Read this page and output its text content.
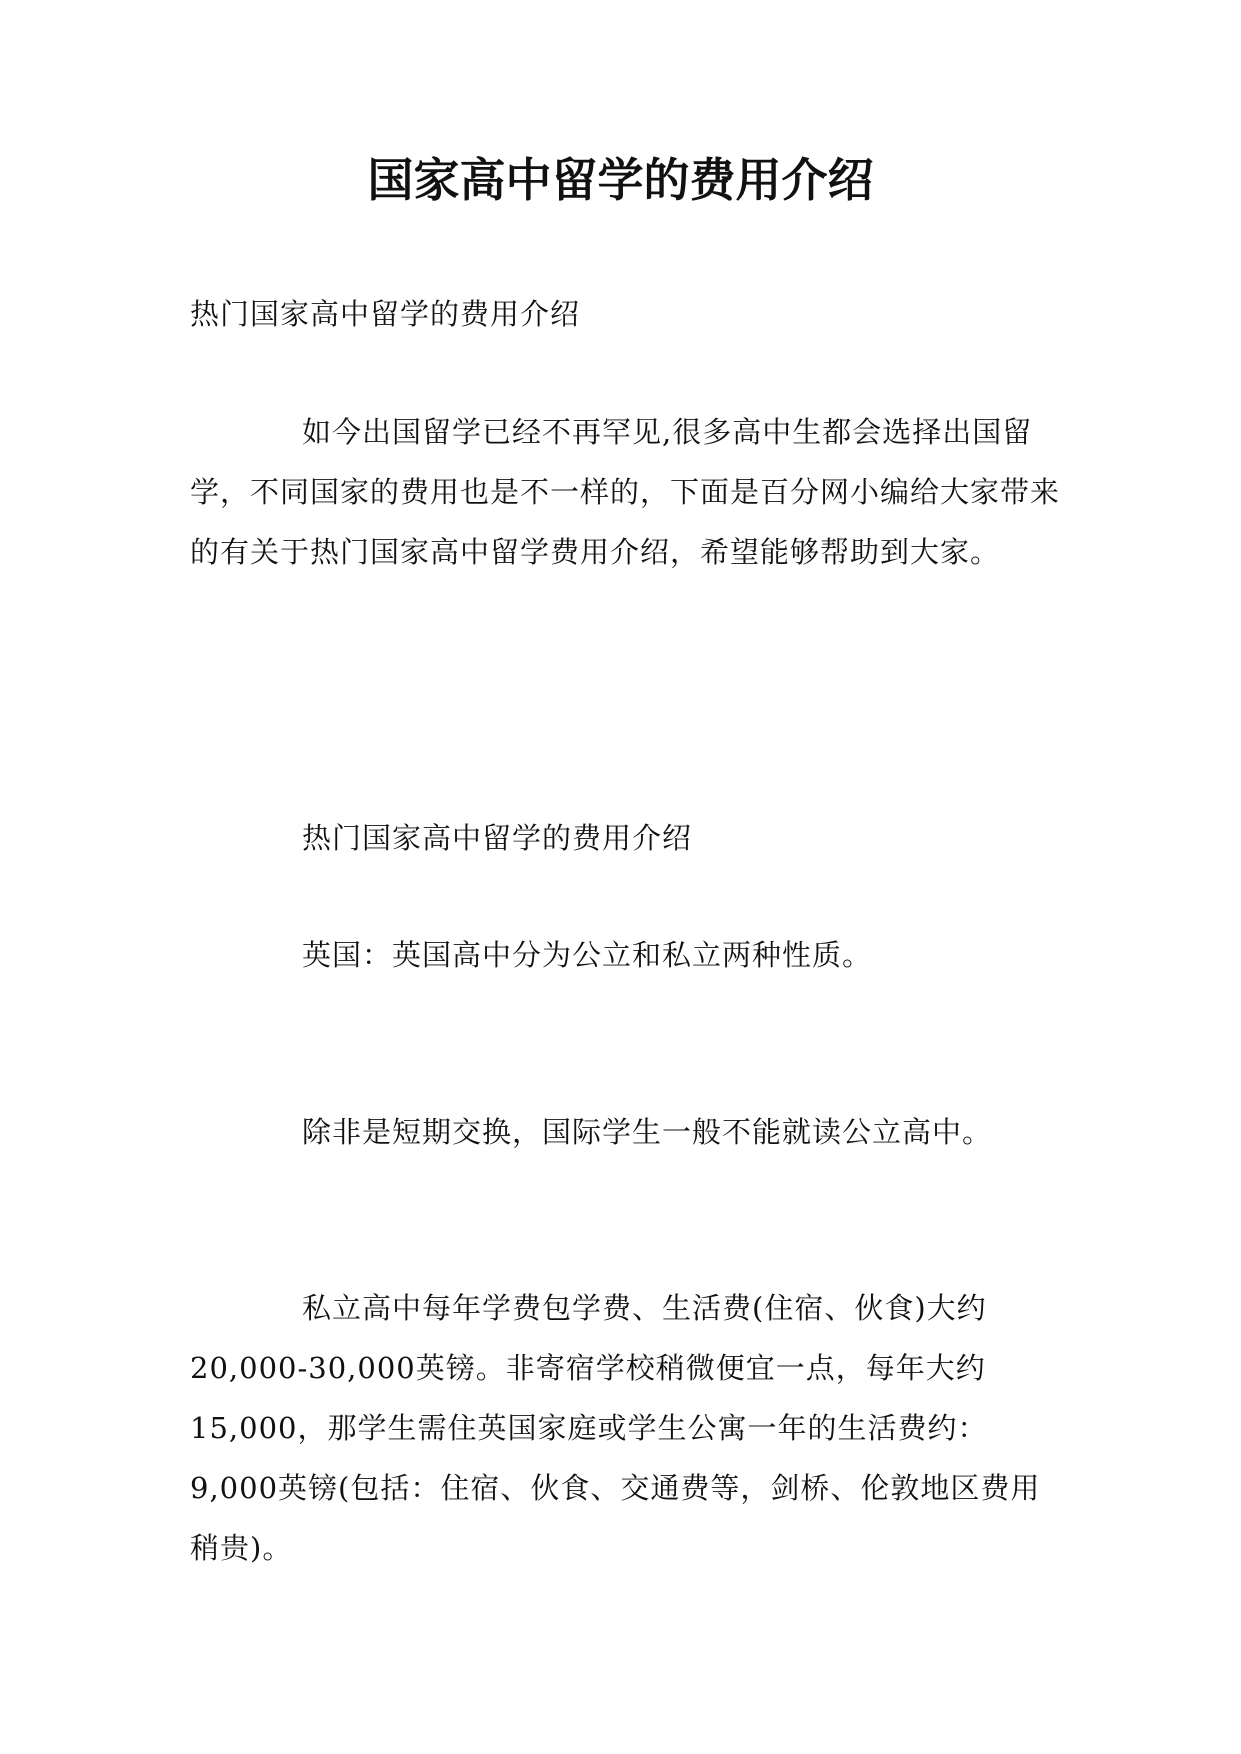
国家高中留学的费用介绍

热门国家高中留学的费用介绍

如今出国留学已经不再罕见,很多高中生都会选择出国留学，不同国家的费用也是不一样的，下面是百分网小编给大家带来的有关于热门国家高中留学费用介绍，希望能够帮助到大家。

热门国家高中留学的费用介绍

英国：英国高中分为公立和私立两种性质。

除非是短期交换，国际学生一般不能就读公立高中。

私立高中每年学费包学费、生活费(住宿、伙食)大约20,000-30,000英镑。非寄宿学校稍微便宜一点，每年大约15,000，那学生需住英国家庭或学生公寓一年的生活费约：9,000英镑(包括：住宿、伙食、交通费等，剑桥、伦敦地区费用稍贵)。
